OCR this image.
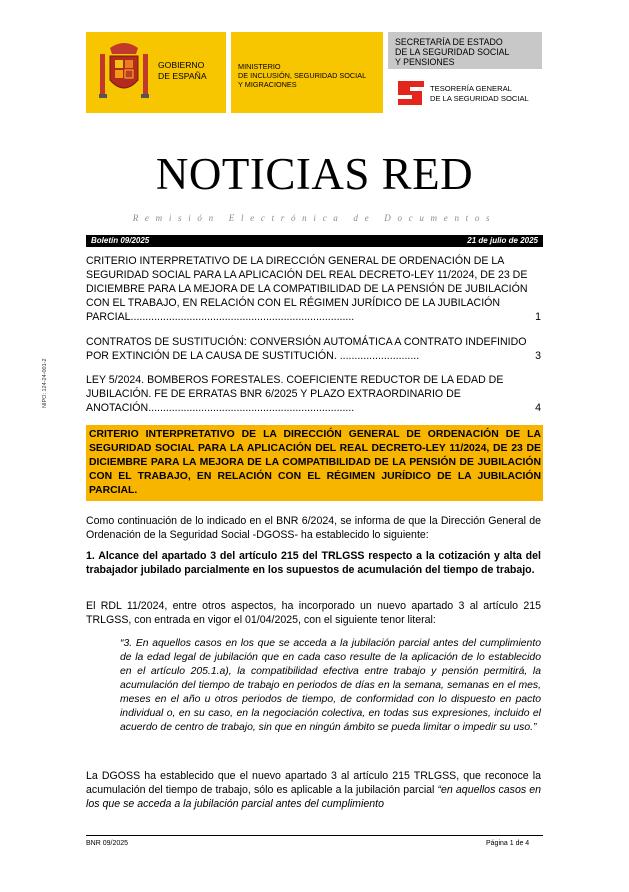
GOBIERNO
DE ESPAÑA
MINISTERIO
DE INCLUSIÓN, SEGURIDAD SOCIAL
Y MIGRACIONES
SECRETARÍA DE ESTADO
DE LA SEGURIDAD SOCIAL
Y PENSIONES
TESORERÍA GENERAL
DE LA SEGURIDAD SOCIAL
NOTICIAS RED
Remisión Electrónica de Documentos
Boletín 09/2025	21 de julio de 2025
CRITERIO INTERPRETATIVO DE LA DIRECCIÓN GENERAL DE ORDENACIÓN DE LA SEGURIDAD SOCIAL PARA LA APLICACIÓN DEL REAL DECRETO-LEY 11/2024, DE 23 DE DICIEMBRE PARA LA MEJORA DE LA COMPATIBILIDAD DE LA PENSIÓN DE JUBILACIÓN CON EL TRABAJO, EN RELACIÓN CON EL RÉGIMEN JURÍDICO DE LA JUBILACIÓN PARCIAL............................................................................	1
CONTRATOS DE SUSTITUCIÓN: CONVERSIÓN AUTOMÁTICA A CONTRATO INDEFINIDO POR EXTINCIÓN DE LA CAUSA DE SUSTITUCIÓN. ...........................	3
LEY 5/2024. BOMBEROS FORESTALES. COEFICIENTE REDUCTOR DE LA EDAD DE JUBILACIÓN. FE DE ERRATAS BNR 6/2025 Y PLAZO EXTRAORDINARIO DE ANOTACIÓN......................................................................	4
NIPO: 124-24-001-2
CRITERIO INTERPRETATIVO DE LA DIRECCIÓN GENERAL DE ORDENACIÓN DE LA SEGURIDAD SOCIAL PARA LA APLICACIÓN DEL REAL DECRETO-LEY 11/2024, DE 23 DE DICIEMBRE PARA LA MEJORA DE LA COMPATIBILIDAD DE LA PENSIÓN DE JUBILACIÓN CON EL TRABAJO, EN RELACIÓN CON EL RÉGIMEN JURÍDICO DE LA JUBILACIÓN PARCIAL.
Como continuación de lo indicado en el BNR 6/2024, se informa de que la Dirección General de Ordenación de la Seguridad Social -DGOSS- ha establecido lo siguiente:
1. Alcance del apartado 3 del artículo 215 del TRLGSS respecto a la cotización y alta del trabajador jubilado parcialmente en los supuestos de acumulación del tiempo de trabajo.
El RDL 11/2024, entre otros aspectos, ha incorporado un nuevo apartado 3 al artículo 215 TRLGSS, con entrada en vigor el 01/04/2025, con el siguiente tenor literal:
“3. En aquellos casos en los que se acceda a la jubilación parcial antes del cumplimiento de la edad legal de jubilación que en cada caso resulte de la aplicación de lo establecido en el artículo 205.1.a), la compatibilidad efectiva entre trabajo y pensión permitirá, la acumulación del tiempo de trabajo en periodos de días en la semana, semanas en el mes, meses en el año u otros periodos de tiempo, de conformidad con lo dispuesto en pacto individual o, en su caso, en la negociación colectiva, en todas sus expresiones, incluido el acuerdo de centro de trabajo, sin que en ningún ámbito se pueda limitar o impedir su uso.”
La DGOSS ha establecido que el nuevo apartado 3 al artículo 215 TRLGSS, que reconoce la acumulación del tiempo de trabajo, sólo es aplicable a la jubilación parcial “en aquellos casos en los que se acceda a la jubilación parcial antes del cumplimiento
BNR 09/2025	Página 1 de 4
